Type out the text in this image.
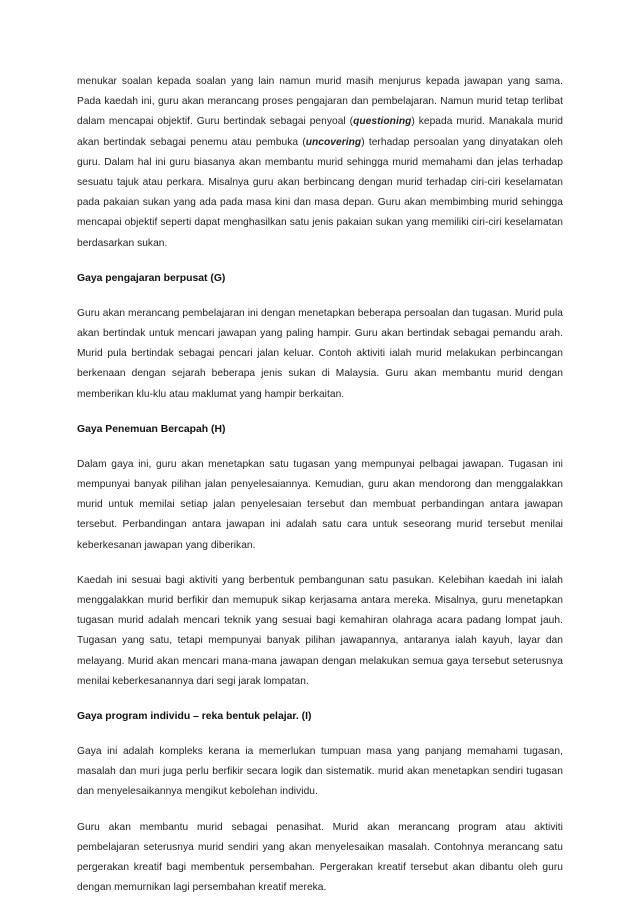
menukar soalan kepada soalan yang lain namun murid masih menjurus kepada jawapan yang sama. Pada kaedah ini, guru akan merancang proses pengajaran dan pembelajaran. Namun murid tetap terlibat dalam mencapai objektif. Guru bertindak sebagai penyoal (questioning) kepada murid. Manakala murid akan bertindak sebagai penemu atau pembuka (uncovering) terhadap persoalan yang dinyatakan oleh guru. Dalam hal ini guru biasanya akan membantu murid sehingga murid memahami dan jelas terhadap sesuatu tajuk atau perkara. Misalnya guru akan berbincang dengan murid terhadap ciri-ciri keselamatan pada pakaian sukan yang ada pada masa kini dan masa depan. Guru akan membimbing murid sehingga mencapai objektif seperti dapat menghasilkan satu jenis pakaian sukan yang memiliki ciri-ciri keselamatan berdasarkan sukan.

Gaya pengajaran berpusat (G)

Guru akan merancang pembelajaran ini dengan menetapkan beberapa persoalan dan tugasan. Murid pula akan bertindak untuk mencari jawapan yang paling hampir. Guru akan bertindak sebagai pemandu arah. Murid pula bertindak sebagai pencari jalan keluar. Contoh aktiviti ialah murid melakukan perbincangan berkenaan dengan sejarah beberapa jenis sukan di Malaysia. Guru akan membantu murid dengan memberikan klu-klu atau maklumat yang hampir berkaitan.

Gaya Penemuan Bercapah (H)

Dalam gaya ini, guru akan menetapkan satu tugasan yang mempunyai pelbagai jawapan. Tugasan ini mempunyai banyak pilihan jalan penyelesaiannya. Kemudian, guru akan mendorong dan menggalakkan murid untuk memilai setiap jalan penyelesaian tersebut dan membuat perbandingan antara jawapan tersebut. Perbandingan antara jawapan ini adalah satu cara untuk seseorang murid tersebut menilai keberkesanan jawapan yang diberikan.

Kaedah ini sesuai bagi aktiviti yang berbentuk pembangunan satu pasukan. Kelebihan kaedah ini ialah menggalakkan murid berfikir dan memupuk sikap kerjasama antara mereka. Misalnya, guru menetapkan tugasan murid adalah mencari teknik yang sesuai bagi kemahiran olahraga acara padang lompat jauh. Tugasan yang satu, tetapi mempunyai banyak pilihan jawapannya, antaranya ialah kayuh, layar dan melayang. Murid akan mencari mana-mana jawapan dengan melakukan semua gaya tersebut seterusnya menilai keberkesanannya dari segi jarak lompatan.

Gaya program individu – reka bentuk pelajar. (I)

Gaya ini adalah kompleks kerana ia memerlukan tumpuan masa yang panjang memahami tugasan, masalah dan muri juga perlu berfikir secara logik dan sistematik. murid akan menetapkan sendiri tugasan dan menyelesaikannya mengikut kebolehan individu.

Guru akan membantu murid sebagai penasihat. Murid akan merancang program atau aktiviti pembelajaran seterusnya murid sendiri yang akan menyelesaikan masalah. Contohnya merancang satu pergerakan kreatif bagi membentuk persembahan. Pergerakan kreatif tersebut akan dibantu oleh guru dengan memurnikan lagi persembahan kreatif mereka.
